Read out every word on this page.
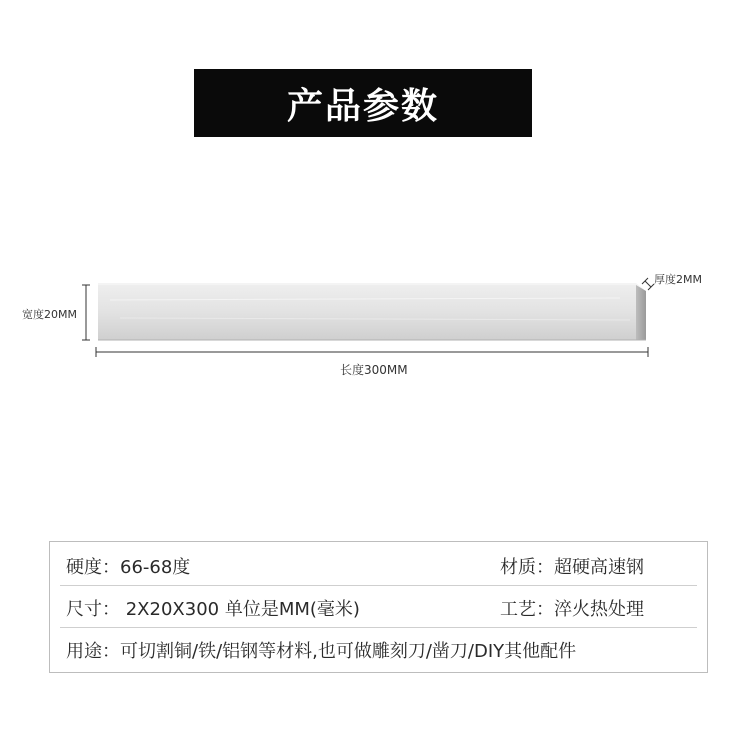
产品参数
宽度20MM
厚度2MM
长度300MM
硬度：66-68度	材质：超硬高速钢
尺寸： 2X20X300 单位是MM(毫米)	工艺：淬火热处理
用途：可切割铜/铁/铝钢等材料,也可做雕刻刀/凿刀/DIY其他配件
